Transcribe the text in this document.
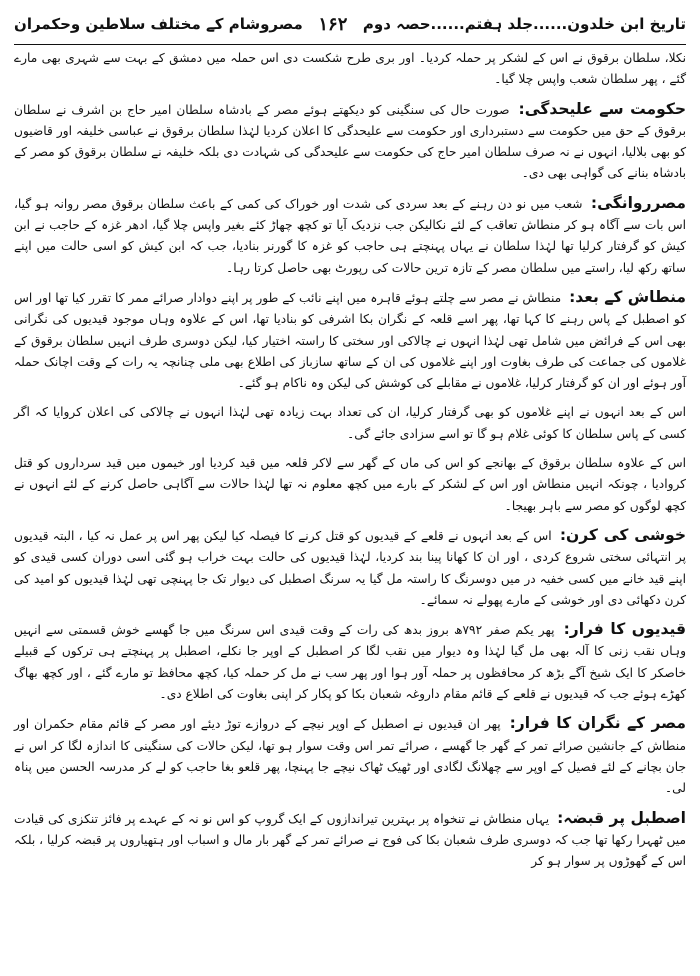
تاریخ ابن خلدون......جلد ہفتم......حصہ دوم
۱۶۲
مصروشام کے مختلف سلاطین وحکمران

نکلا، سلطان برقوق نے اس کے لشکر پر حملہ کردیا۔ اور بری طرح شکست دی اس حملہ میں دمشق کے بہت سے شہری بھی مارے گئے ، پھر سلطان شعب واپس چلا گیا۔

حکومت سے علیحدگی: صورت حال کی سنگینی کو دیکھتے ہوئے مصر کے بادشاہ سلطان امیر حاج بن اشرف نے سلطان برقوق کے حق میں حکومت سے دستبرداری اور حکومت سے علیحدگی کا اعلان کردیا لہٰذا سلطان برقوق نے عباسی خلیفہ اور قاضیوں کو بھی بلالیا، انہوں نے نہ صرف سلطان امیر حاج کی حکومت سے علیحدگی کی شہادت دی بلکہ خلیفہ نے سلطان برقوق کو مصر کے بادشاہ بنانے کی گواہی بھی دی۔

مصرروانگی: شعب میں نو دن رہنے کے بعد سردی کی شدت اور خوراک کی کمی کے باعث سلطان برقوق مصر روانہ ہو گیا، اس بات سے آگاہ ہو کر منطاش تعاقب کے لئے نکالیکن جب نزدیک آیا تو کچھ چھاڑ کئے بغیر واپس چلا گیا، ادھر غزہ کے حاجب نے ابن کیش کو گرفتار کرلیا تھا لہٰذا سلطان نے یہاں پہنچتے ہی حاجب کو غزہ کا گورنر بنادیا، جب کہ ابن کیش کو اسی حالت میں اپنے ساتھ رکھ لیا، راستے میں سلطان مصر کے تازہ ترین حالات کی رپورٹ بھی حاصل کرتا رہا۔

منطاش کے بعد: منطاش نے مصر سے چلتے ہوئے قاہرہ میں اپنے نائب کے طور پر اپنے دوادار صرائے ممر کا تقرر کیا تھا اور اس کو اصطبل کے پاس رہنے کا کہا تھا، پھر اسے قلعہ کے نگران بکا اشرفی کو بنادیا تھا، اس کے علاوہ وہاں موجود قیدیوں کی نگرانی بھی اس کے فرائض میں شامل تھی لہٰذا انہوں نے چالاکی اور سختی کا راستہ اختیار کیا، لیکن دوسری طرف انہیں سلطان برقوق کے غلاموں کی جماعت کی طرف بغاوت اور اپنے غلاموں کی ان کے ساتھ سازباز کی اطلاع بھی ملی چنانچہ یہ رات کے وقت اچانک حملہ آور ہوئے اور ان کو گرفتار کرلیا، غلاموں نے مقابلے کی کوشش کی لیکن وہ ناکام ہو گئے۔

اس کے بعد انہوں نے اپنے غلاموں کو بھی گرفتار کرلیا، ان کی تعداد بہت زیادہ تھی لہٰذا انہوں نے چالاکی کی اعلان کروایا کہ اگر کسی کے پاس سلطان کا کوئی غلام ہو گا تو اسے سزادی جائے گی۔

اس کے علاوہ سلطان برقوق کے بھانجے کو اس کی ماں کے گھر سے لاکر قلعہ میں قید کردیا اور خیموں میں قید سرداروں کو قتل کروادیا ، چونکہ انہیں منطاش اور اس کے لشکر کے بارے میں کچھ معلوم نہ تھا لہٰذا حالات سے آگاہی حاصل کرنے کے لئے انہوں نے کچھ لوگوں کو مصر سے باہر بھیجا۔

خوشی کی کرن: اس کے بعد انہوں نے قلعے کے قیدیوں کو قتل کرنے کا فیصلہ کیا لیکن پھر اس پر عمل نہ کیا ، البتہ قیدیوں پر انتہائی سختی شروع کردی ، اور ان کا کھانا پینا بند کردیا، لہٰذا قیدیوں کی حالت بہت خراب ہو گئی اسی دوران کسی قیدی کو اپنے قید خانے میں کسی خفیہ در میں دوسرنگ کا راستہ مل گیا یہ سرنگ اصطبل کی دیوار تک جا پہنچی تھی لہٰذا قیدیوں کو امید کی کرن دکھائی دی اور خوشی کے مارے پھولے نہ سمائے۔

قیدیوں کا فرار: پھر یکم صفر ۷۹۲ھ بروز بدھ کی رات کے وقت قیدی اس سرنگ میں جا گھسے خوش قسمتی سے انہیں وہاں نقب زنی کا آلہ بھی مل گیا لہٰذا وہ دیوار میں نقب لگا کر اصطبل کے اوپر جا نکلے، اصطبل پر پہنچتے ہی ترکوں کے قبیلے خاصکر کا ایک شیخ آگے بڑھ کر محافظوں پر حملہ آور ہوا اور پھر سب نے مل کر حملہ کیا، کچھ محافظ تو مارے گئے ، اور کچھ بھاگ کھڑے ہوئے جب کہ قیدیوں نے قلعے کے قائم مقام داروغہ شعبان بکا کو پکار کر اپنی بغاوت کی اطلاع دی۔

مصر کے نگران کا فرار: پھر ان قیدیوں نے اصطبل کے اوپر نیچے کے دروازے توڑ دیئے اور مصر کے قائم مقام حکمران اور منطاش کے جانشین صرائے تمر کے گھر جا گھسے ، صرائے تمر اس وقت سوار ہو تھا، لیکن حالات کی سنگینی کا اندازہ لگا کر اس نے جان بچانے کے لئے فصیل کے اوپر سے چھلانگ لگادی اور ٹھیک ٹھاک نیچے جا پہنچا، پھر قلعو بغا حاجب کو لے کر مدرسہ الحسن میں پناہ لی۔

اصطبل پر قبضہ: یہاں منطاش نے تنخواہ پر بہترین تیراندازوں کے ایک گروپ کو اس نو نہ کے عہدے پر فائز تنکزی کی قیادت میں ٹھہرا رکھا تھا جب کہ دوسری طرف شعبان بکا کی فوج نے صرائے تمر کے گھر بار مال و اسباب اور ہتھیاروں پر قبضہ کرلیا ، بلکہ اس کے گھوڑوں پر سوار ہو کر
